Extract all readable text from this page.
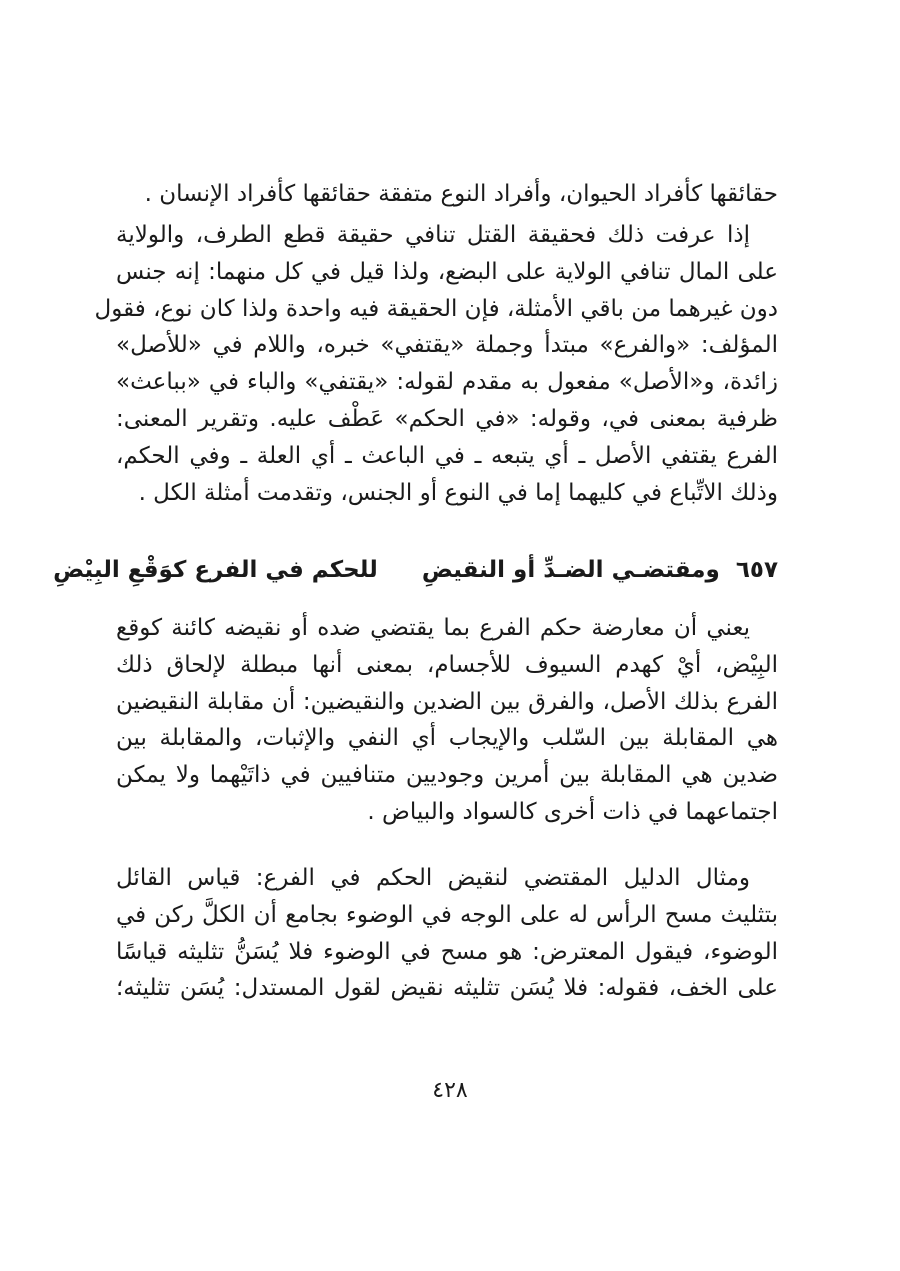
حقائقها كأفراد الحيوان، وأفراد النوع متفقة حقائقها كأفراد الإنسان .
إذا عرفت ذلك فحقيقة القتل تنافي حقيقة قطع الطرف، والولاية
على المال تنافي الولاية على البضع، ولذا قيل في كل منهما: إنه جنس
دون غيرهما من باقي الأمثلة، فإن الحقيقة فيه واحدة ولذا كان نوع، فقول
المؤلف: «والفرع» مبتدأ وجملة «يقتفي» خبره، واللام في «للأصل»
زائدة، و«الأصل» مفعول به مقدم لقوله: «يقتفي» والباء في «بباعث»
ظرفية بمعنى في، وقوله: «في الحكم» عَطْف عليه. وتقرير المعنى:
الفرع يقتفي الأصل ـ أي يتبعه ـ في الباعث ـ أي العلة ـ وفي الحكم،
وذلك الاتِّباع في كليهما إما في النوع أو الجنس، وتقدمت أمثلة الكل .
٦٥٧ ومقتضـي الضـدِّ أو النقيضِ للحكم في الفرع كوَقْعِ البِيْضِ
يعني أن معارضة حكم الفرع بما يقتضي ضده أو نقيضه كائنة كوقع
البِيْض، أيْ كهدم السيوف للأجسام، بمعنى أنها مبطلة لإلحاق ذلك
الفرع بذلك الأصل، والفرق بين الضدين والنقيضين: أن مقابلة النقيضين
هي المقابلة بين السّلب والإيجاب أي النفي والإثبات، والمقابلة بين
ضدين هي المقابلة بين أمرين وجوديين متنافيين في ذاتَيْهما ولا يمكن
اجتماعهما في ذات أخرى كالسواد والبياض .
ومثال الدليل المقتضي لنقيض الحكم في الفرع: قياس القائل
بتثليث مسح الرأس له على الوجه في الوضوء بجامع أن الكلَّ ركن في
الوضوء، فيقول المعترض: هو مسح في الوضوء فلا يُسَنُّ تثليثه قياسًا
على الخف، فقوله: فلا يُسَن تثليثه نقيض لقول المستدل: يُسَن تثليثه؛
٤٢٨
